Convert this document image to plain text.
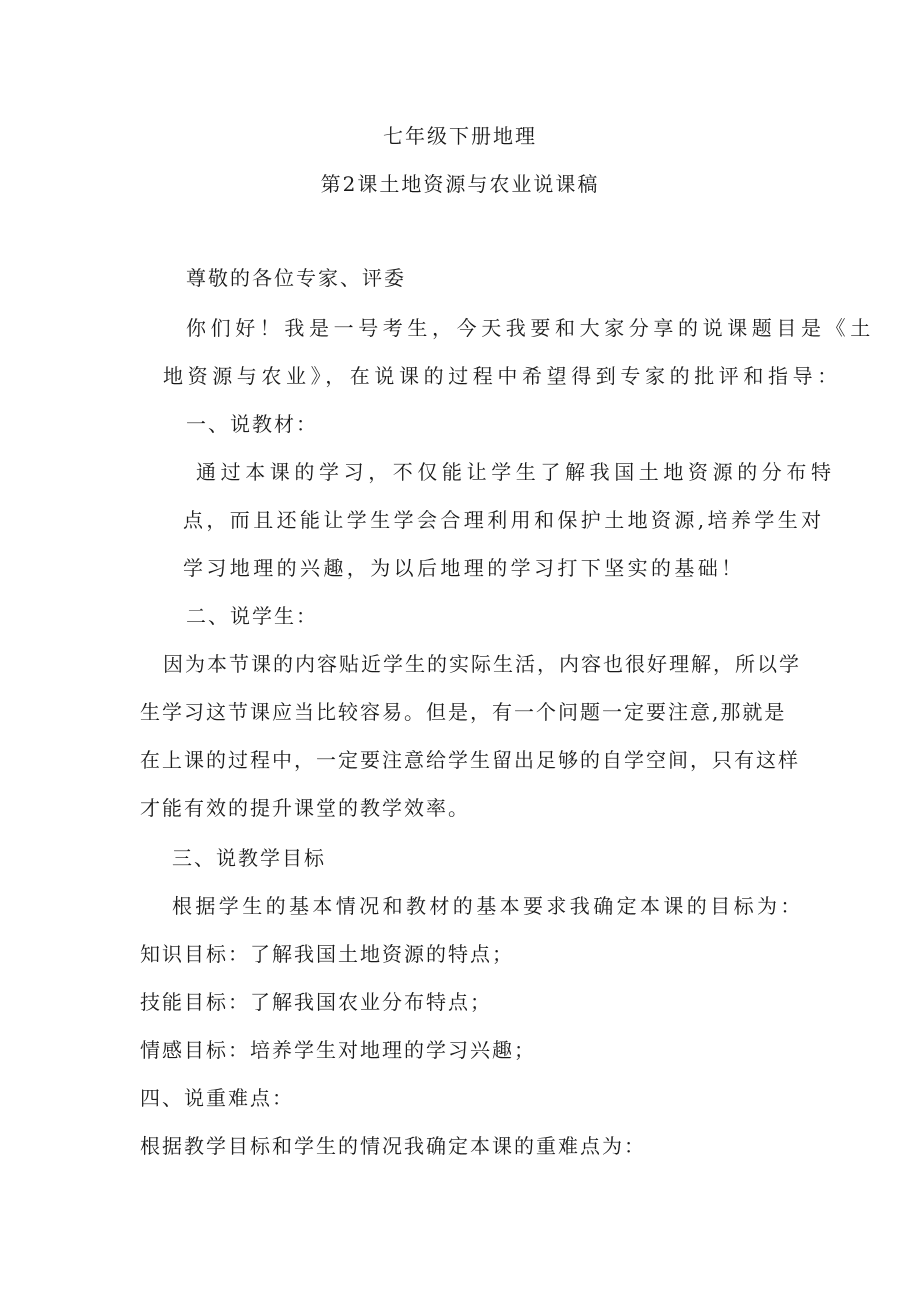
七年级下册地理
第2课土地资源与农业说课稿
尊敬的各位专家、评委
你们好！我是一号考生，今天我要和大家分享的说课题目是《土
地资源与农业》，在说课的过程中希望得到专家的批评和指导：
一、说教材：
通过本课的学习，不仅能让学生了解我国土地资源的分布特
点，而且还能让学生学会合理利用和保护土地资源,培养学生对
学习地理的兴趣，为以后地理的学习打下坚实的基础！
二、说学生：
因为本节课的内容贴近学生的实际生活，内容也很好理解，所以学
生学习这节课应当比较容易。但是，有一个问题一定要注意,那就是
在上课的过程中，一定要注意给学生留出足够的自学空间，只有这样
才能有效的提升课堂的教学效率。
三、说教学目标
根据学生的基本情况和教材的基本要求我确定本课的目标为：
知识目标：了解我国土地资源的特点；
技能目标：了解我国农业分布特点；
情感目标：培养学生对地理的学习兴趣；
四、说重难点：
根据教学目标和学生的情况我确定本课的重难点为：
